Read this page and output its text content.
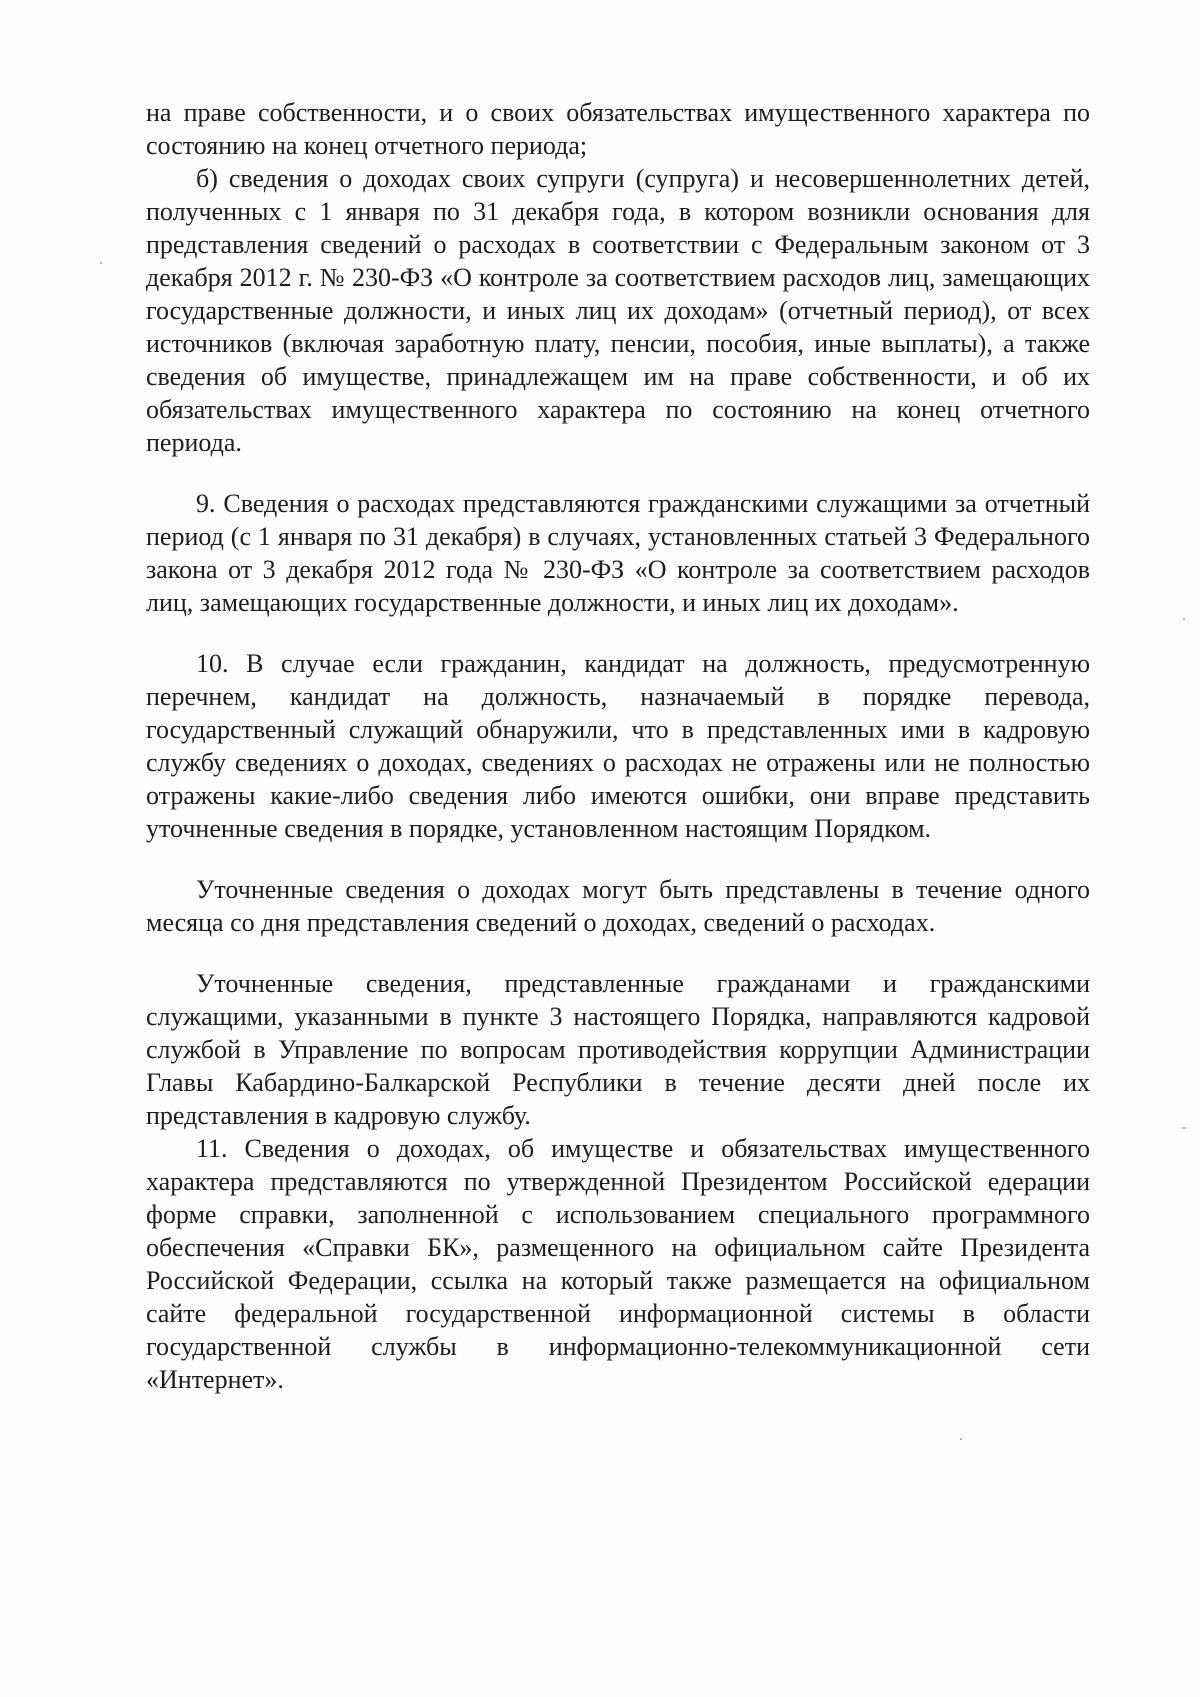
на праве собственности, и о своих обязательствах имущественного характера по состоянию на конец отчетного периода;

б) сведения о доходах своих супруги (супруга) и несовершеннолетних детей, полученных с 1 января по 31 декабря года, в котором возникли основания для представления сведений о расходах в соответствии с Федеральным законом от 3 декабря 2012 г. № 230-ФЗ «О контроле за соответствием расходов лиц, замещающих государственные должности, и иных лиц их доходам» (отчетный период), от всех источников (включая заработную плату, пенсии, пособия, иные выплаты), а также сведения об имуществе, принадлежащем им на праве собственности, и об их обязательствах имущественного характера по состоянию на конец отчетного периода.

9. Сведения о расходах представляются гражданскими служащими за отчетный период (с 1 января по 31 декабря) в случаях, установленных статьей 3 Федерального закона от 3 декабря 2012 года № 230-ФЗ «О контроле за соответствием расходов лиц, замещающих государственные должности, и иных лиц их доходам».

10. В случае если гражданин, кандидат на должность, предусмотренную перечнем, кандидат на должность, назначаемый в порядке перевода, государственный служащий обнаружили, что в представленных ими в кадровую службу сведениях о доходах, сведениях о расходах не отражены или не полностью отражены какие-либо сведения либо имеются ошибки, они вправе представить уточненные сведения в порядке, установленном настоящим Порядком.

Уточненные сведения о доходах могут быть представлены в течение одного месяца со дня представления сведений о доходах, сведений о расходах.

Уточненные сведения, представленные гражданами и гражданскими служащими, указанными в пункте 3 настоящего Порядка, направляются кадровой службой в Управление по вопросам противодействия коррупции Администрации Главы Кабардино-Балкарской Республики в течение десяти дней после их представления в кадровую службу.

11. Сведения о доходах, об имуществе и обязательствах имущественного характера представляются по утвержденной Президентом Российской едерации форме справки, заполненной с использованием специального программного обеспечения «Справки БК», размещенного на официальном сайте Президента Российской Федерации, ссылка на который также размещается на официальном сайте федеральной государственной информационной системы в области государственной службы в информационно-телекоммуникационной сети «Интернет».
